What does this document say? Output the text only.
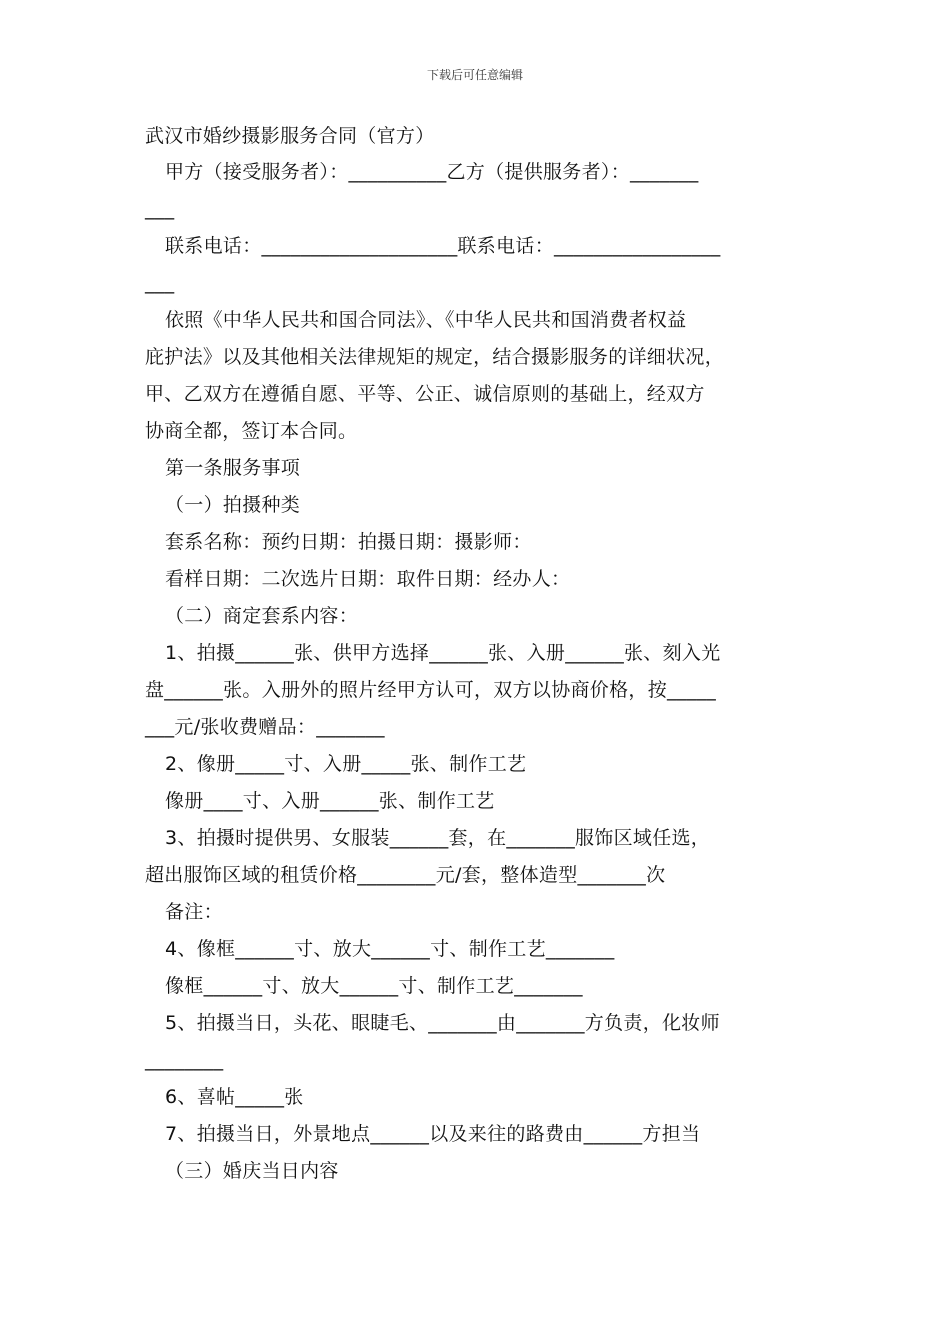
下载后可任意编辑
武汉市婚纱摄影服务合同（官方）
甲方（接受服务者）：__________乙方（提供服务者）：_______
___
联系电话：____________________联系电话：_________________
___
依照《中华人民共和国合同法》、《中华人民共和国消费者权益
庇护法》以及其他相关法律规矩的规定，结合摄影服务的详细状况，
甲、乙双方在遵循自愿、平等、公正、诚信原则的基础上，经双方
协商全都，签订本合同。
第一条服务事项
（一）拍摄种类
套系名称：预约日期：拍摄日期：摄影师：
看样日期：二次选片日期：取件日期：经办人：
（二）商定套系内容：
1、拍摄______张、供甲方选择______张、入册______张、刻入光
盘______张。入册外的照片经甲方认可，双方以协商价格，按_____
___元/张收费赠品：_______
2、像册_____寸、入册_____张、制作工艺
像册____寸、入册______张、制作工艺
3、拍摄时提供男、女服装______套，在_______服饰区域任选，
超出服饰区域的租赁价格________元/套，整体造型_______次
备注：
4、像框______寸、放大______寸、制作工艺_______
像框______寸、放大______寸、制作工艺_______
5、拍摄当日，头花、眼睫毛、_______由_______方负责，化妆师
________
6、喜帖_____张
7、拍摄当日，外景地点______以及来往的路费由______方担当
（三）婚庆当日内容
